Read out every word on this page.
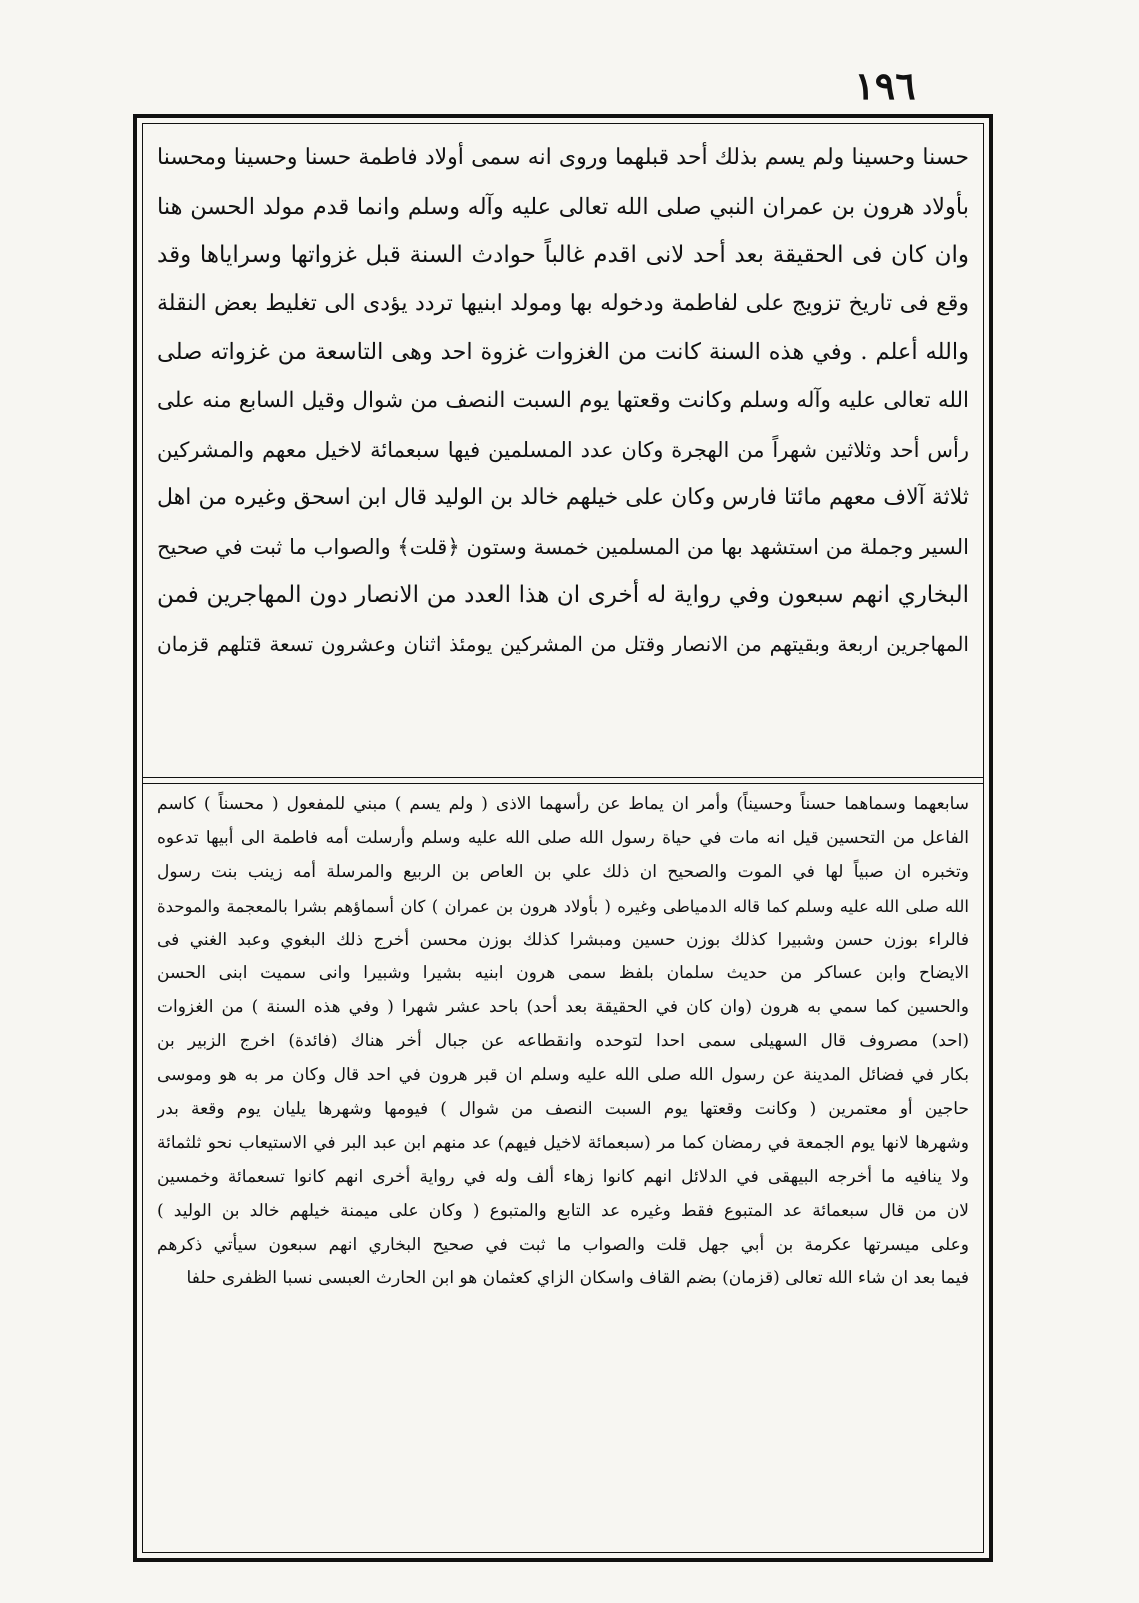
١٩٦
حسنا وحسينا ولم يسم بذلك أحد قبلهما وروى انه سمى أولاد فاطمة حسنا وحسينا ومحسنا
بأولاد هرون بن عمران النبي صلى الله تعالى عليه وآله وسلم وانما قدم مولد الحسن هنا
وان كان فى الحقيقة بعد أحد لانى اقدم غالباً حوادث السنة قبل غزواتها وسراياها وقد
وقع فى تاريخ تزويج على لفاطمة ودخوله بها ومولد ابنيها تردد يؤدى الى تغليط بعض النقلة
والله أعلم . وفي هذه السنة كانت من الغزوات غزوة احد وهى التاسعة من غزواته صلى
الله تعالى عليه وآله وسلم وكانت وقعتها يوم السبت النصف من شوال وقيل السابع منه على
رأس أحد وثلاثين شهراً من الهجرة وكان عدد المسلمين فيها سبعمائة لاخيل معهم والمشركين
ثلاثة آلاف معهم مائتا فارس وكان على خيلهم خالد بن الوليد قال ابن اسحق وغيره من اهل
السير وجملة من استشهد بها من المسلمين خمسة وستون ﴿قلت﴾ والصواب ما ثبت في صحيح
البخاري انهم سبعون وفي رواية له أخرى ان هذا العدد من الانصار دون المهاجرين فمن
المهاجرين اربعة وبقيتهم من الانصار وقتل من المشركين يومئذ اثنان وعشرون تسعة قتلهم قزمان
سابعهما وسماهما حسناً وحسيناً) وأمر ان يماط عن رأسهما الاذى ( ولم يسم ) مبني للمفعول ( محسناً ) كاسم
الفاعل من التحسين قيل انه مات في حياة رسول الله صلى الله عليه وسلم وأرسلت أمه فاطمة الى أبيها تدعوه
وتخبره ان صبياً لها في الموت والصحيح ان ذلك علي بن العاص بن الربيع والمرسلة أمه زينب بنت رسول
الله صلى الله عليه وسلم كما قاله الدمياطى وغيره ( بأولاد هرون بن عمران ) كان أسماؤهم بشرا بالمعجمة والموحدة
فالراء بوزن حسن وشبيرا كذلك بوزن حسين ومبشرا كذلك بوزن محسن أخرج ذلك البغوي وعبد الغني فى
الايضاح وابن عساكر من حديث سلمان بلفظ سمى هرون ابنيه بشيرا وشبيرا وانى سميت ابنى الحسن
والحسين كما سمي به هرون (وان كان في الحقيقة بعد أحد) باحد عشر شهرا ( وفي هذه السنة ) من الغزوات
(احد) مصروف قال السهيلى سمى احدا لتوحده وانقطاعه عن جبال أخر هناك (فائدة) اخرج الزبير بن
بكار في فضائل المدينة عن رسول الله صلى الله عليه وسلم ان قبر هرون في احد قال وكان مر به هو وموسى
حاجين أو معتمرين ( وكانت وقعتها يوم السبت النصف من شوال ) فيومها وشهرها يليان يوم وقعة بدر
وشهرها لانها يوم الجمعة في رمضان كما مر (سبعمائة لاخيل فيهم) عد منهم ابن عبد البر في الاستيعاب نحو ثلثمائة
ولا ينافيه ما أخرجه البيهقى في الدلائل انهم كانوا زهاء ألف وله في رواية أخرى انهم كانوا تسعمائة وخمسين
لان من قال سبعمائة عد المتبوع فقط وغيره عد التابع والمتبوع ( وكان على ميمنة خيلهم خالد بن الوليد )
وعلى ميسرتها عكرمة بن أبي جهل قلت والصواب ما ثبت في صحيح البخاري انهم سبعون سيأتي ذكرهم
فيما بعد ان شاء الله تعالى (قزمان) بضم القاف واسكان الزاي كعثمان هو ابن الحارث العبسى نسبا الظفرى حلفا
